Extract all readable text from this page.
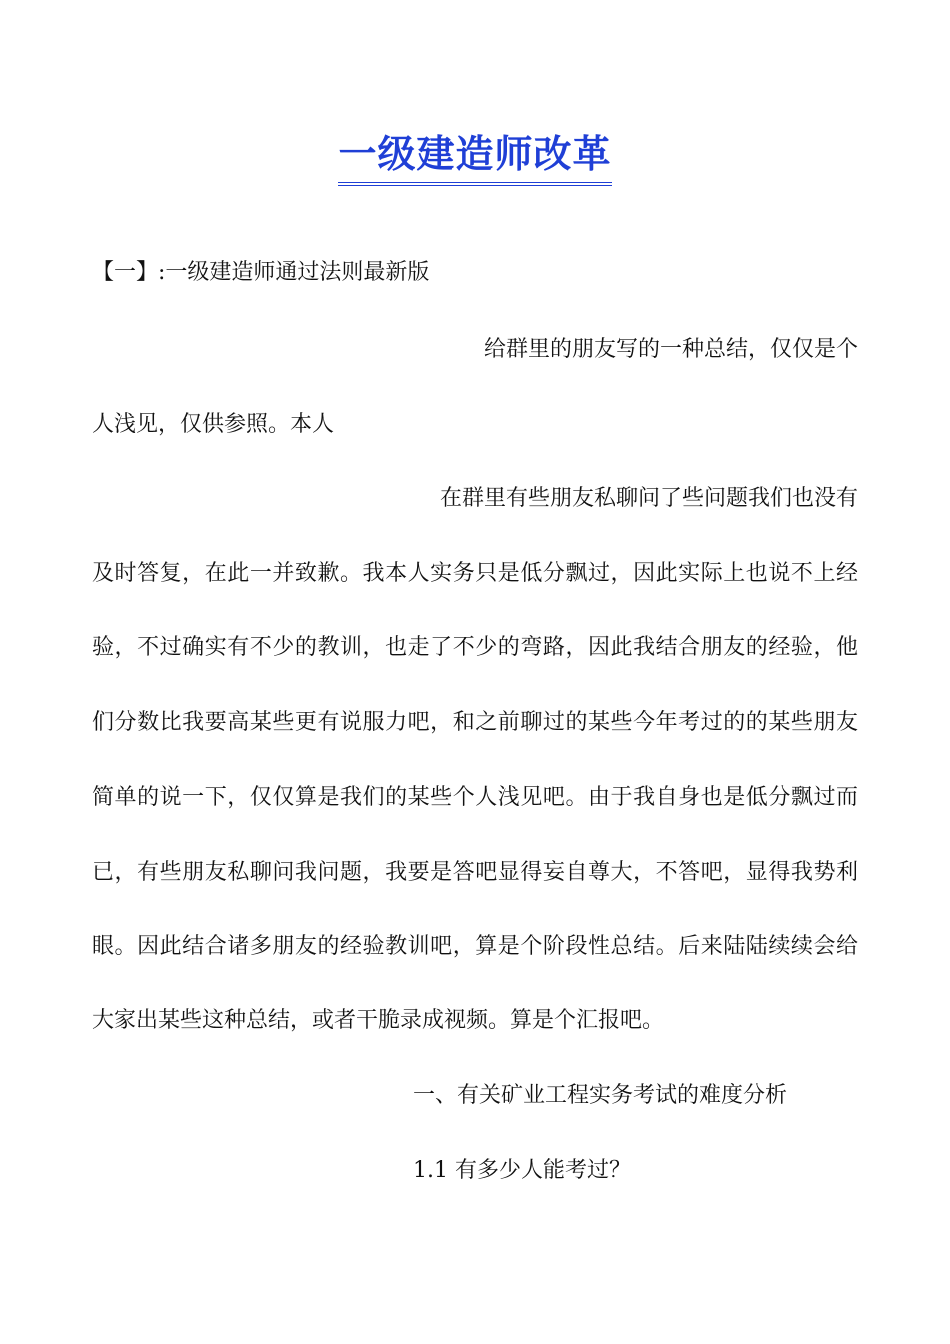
一级建造师改革

【一】:一级建造师通过法则最新版

给群里的朋友写的一种总结，仅仅是个

人浅见，仅供参照。本人

在群里有些朋友私聊问了些问题我们也没有

及时答复，在此一并致歉。我本人实务只是低分飘过，因此实际上也说不上经

验，不过确实有不少的教训，也走了不少的弯路，因此我结合朋友的经验，他

们分数比我要高某些更有说服力吧，和之前聊过的某些今年考过的的某些朋友

简单的说一下，仅仅算是我们的某些个人浅见吧。由于我自身也是低分飘过而

已，有些朋友私聊问我问题，我要是答吧显得妄自尊大，不答吧，显得我势利

眼。因此结合诸多朋友的经验教训吧，算是个阶段性总结。后来陆陆续续会给

大家出某些这种总结，或者干脆录成视频。算是个汇报吧。

一、有关矿业工程实务考试的难度分析

1.1 有多少人能考过？
